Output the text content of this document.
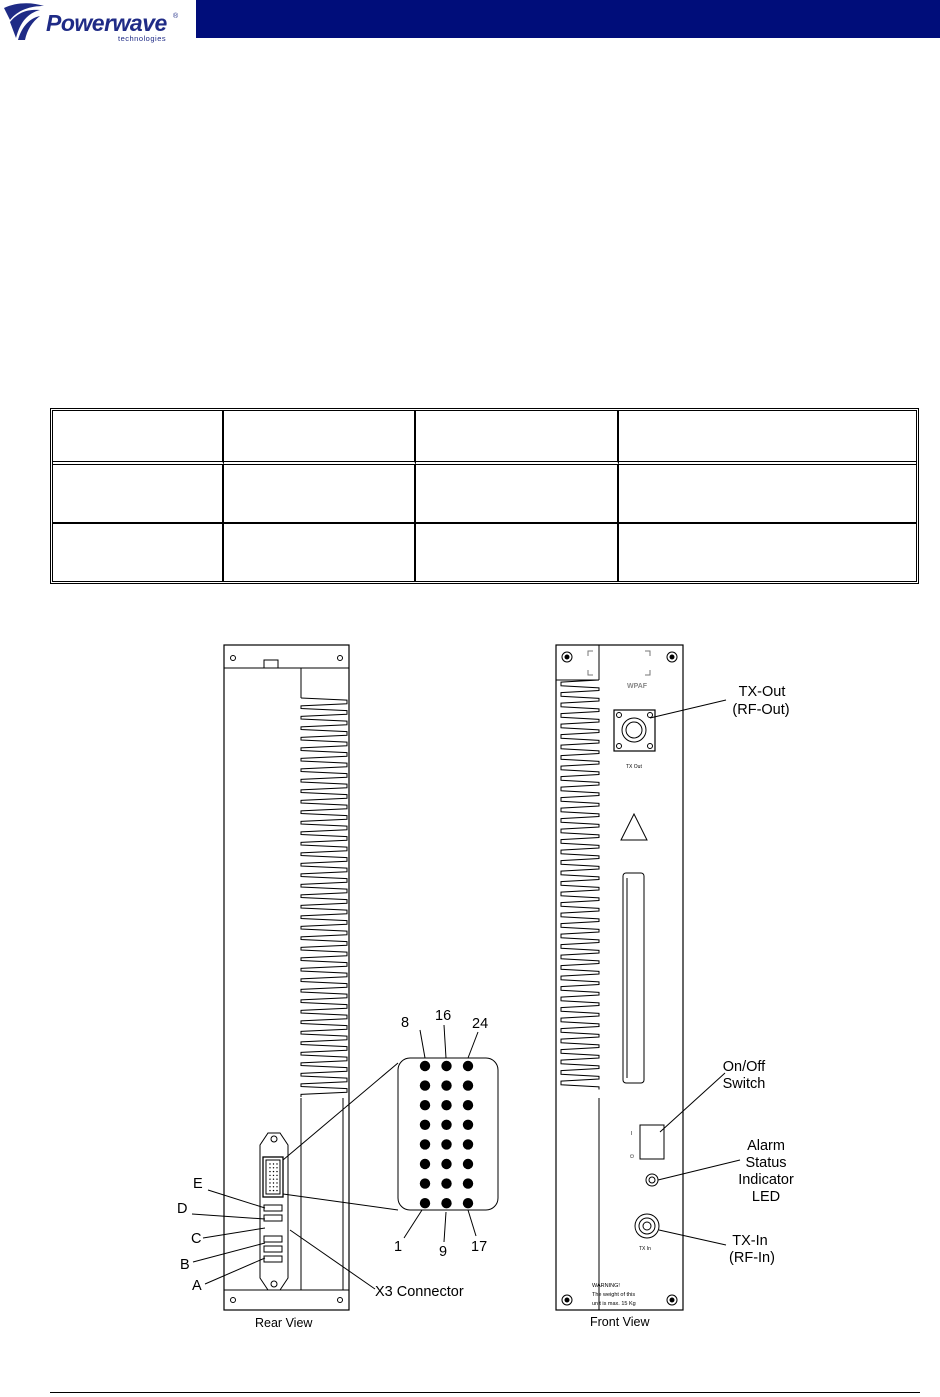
Powerwave ®
technologies

E
D
C
B
A	X3 Connector
8 16 24
1	9 17
Rear View
WPAF
TX Out
I
⏻
TX In
WARNING!
The weight of this
unit is max. 15 Kg
TX-Out
(RF-Out)
On/Off
Switch
Alarm
Status
Indicator
LED
TX-In
(RF-In)
Front View
